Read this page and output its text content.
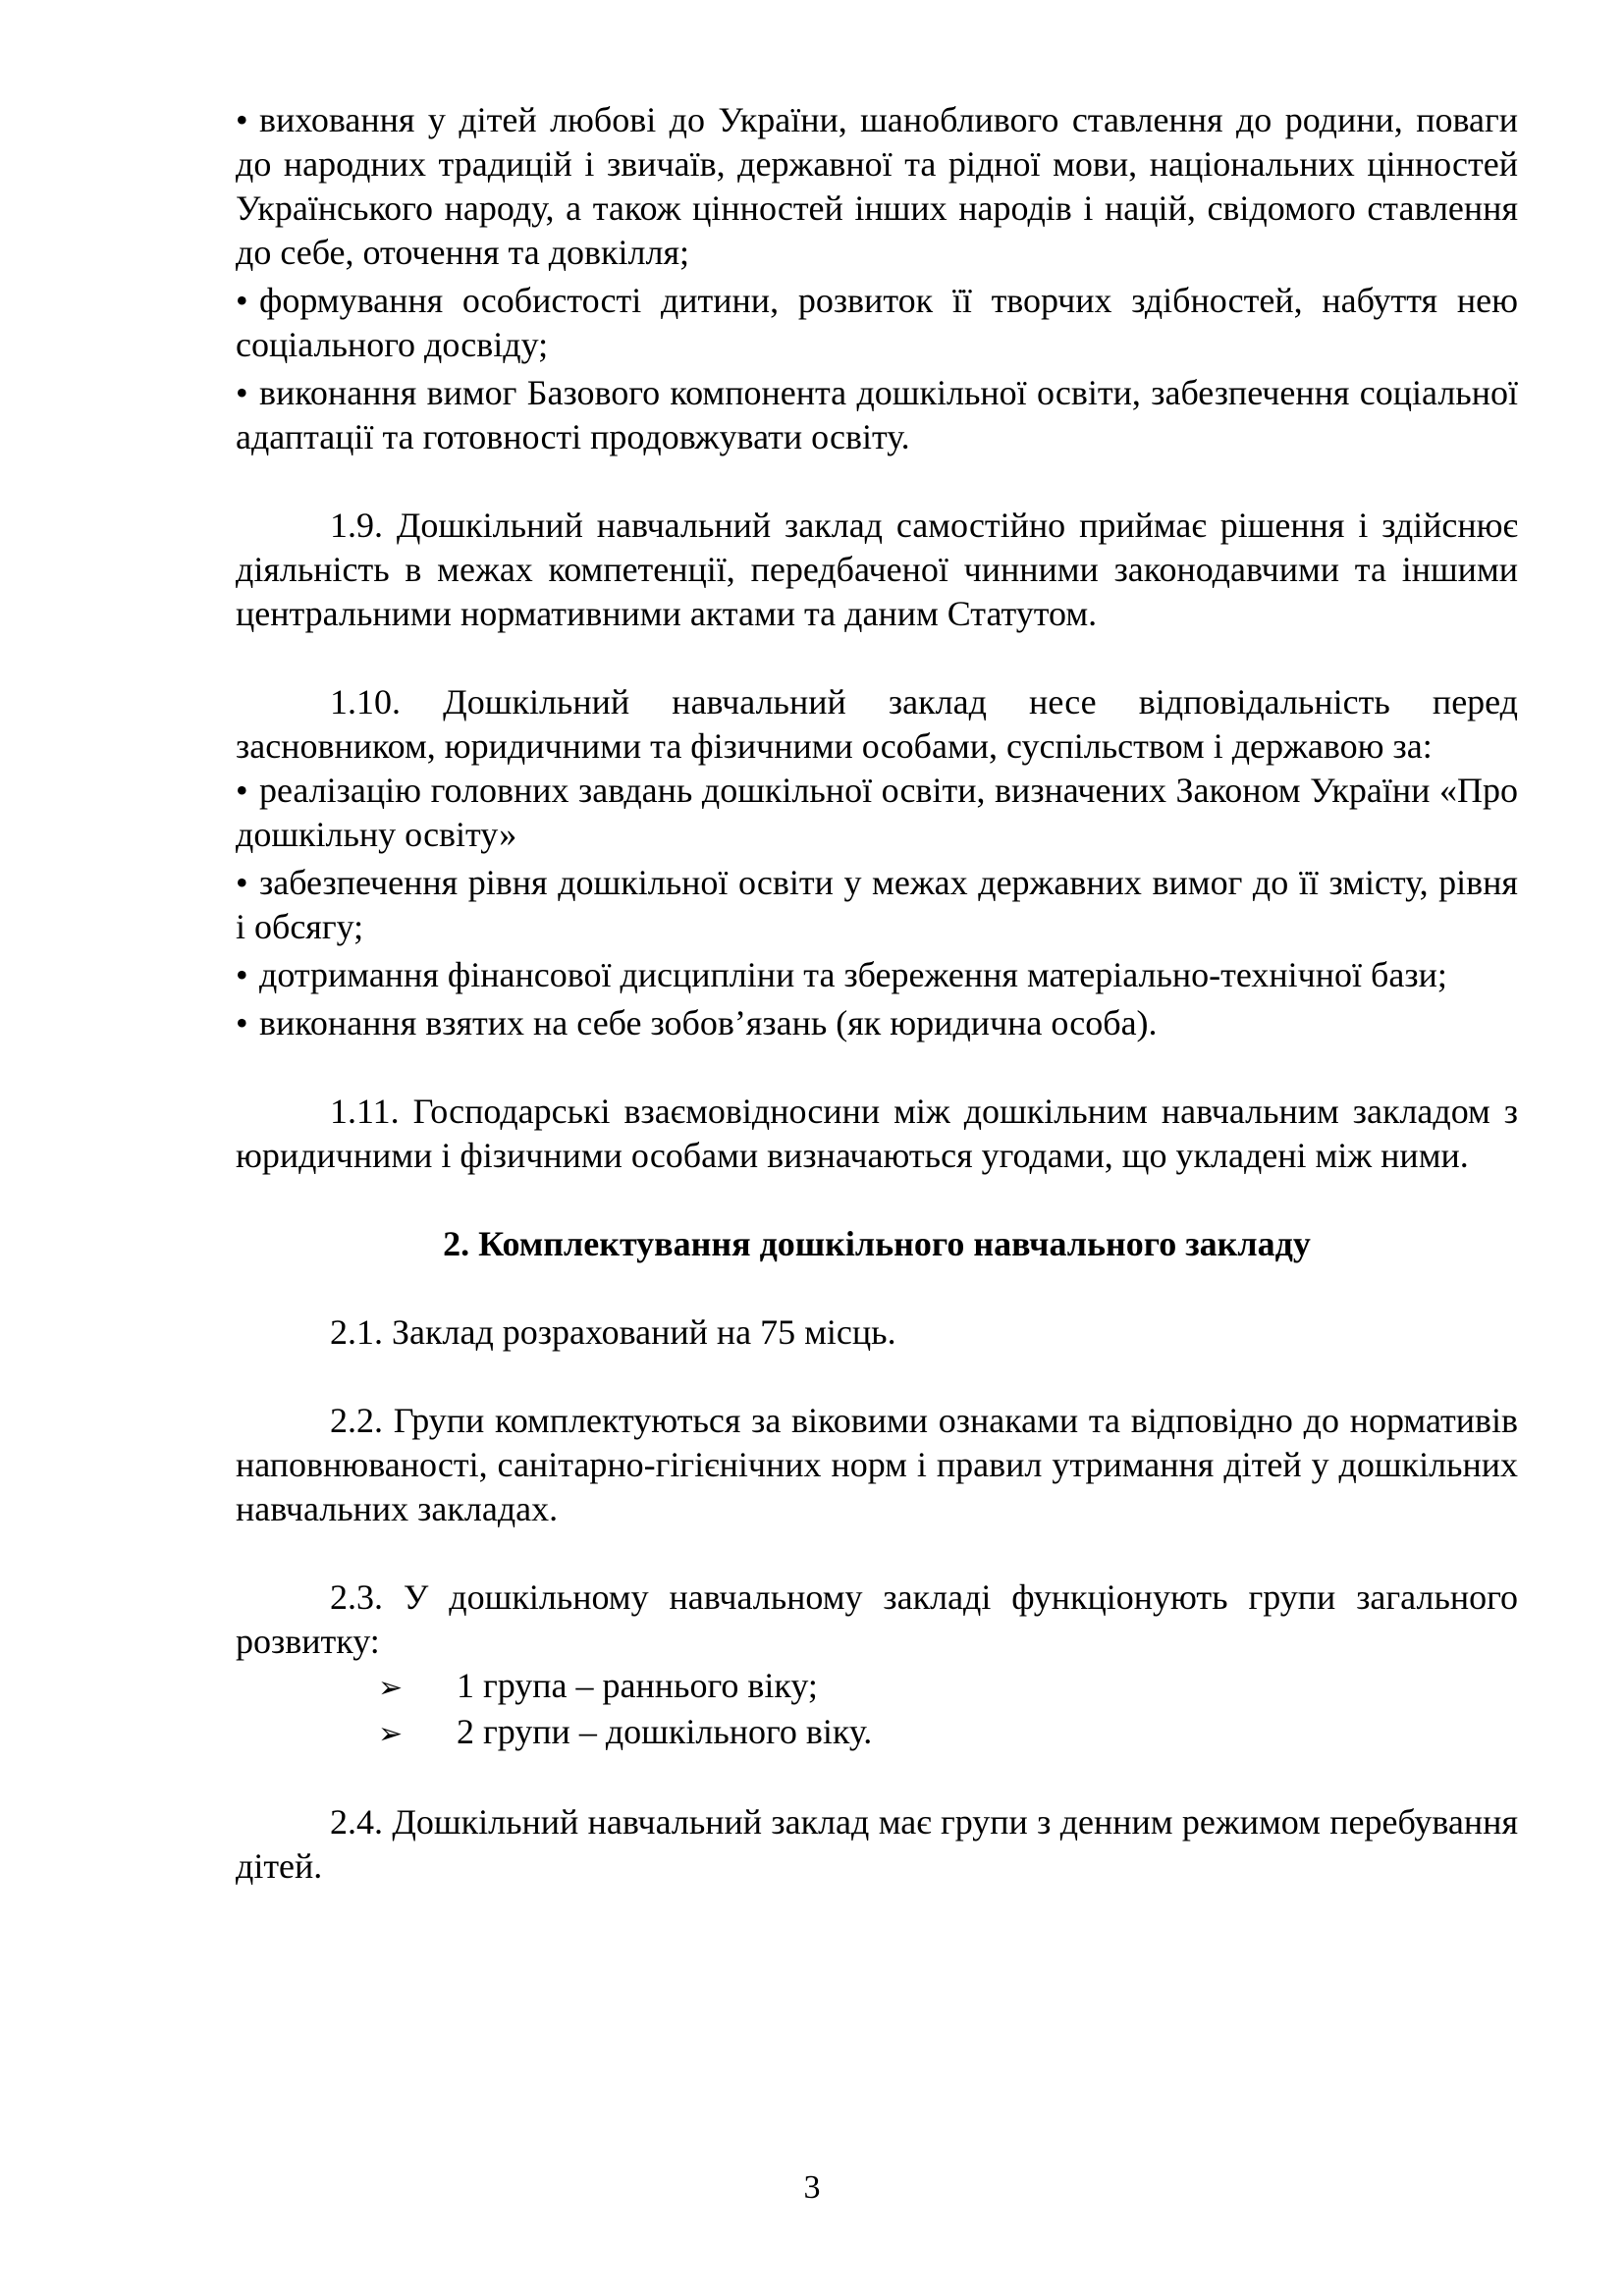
• виховання у дітей любові до України, шанобливого ставлення до родини, поваги до народних традицій і звичаїв, державної та рідної мови, національних цінностей Українського народу, а також цінностей інших народів і націй, свідомого ставлення до себе, оточення та довкілля;

• формування особистості дитини, розвиток її творчих здібностей, набуття нею соціального досвіду;

• виконання вимог Базового компонента дошкільної освіти, забезпечення соціальної адаптації та готовності продовжувати освіту.

1.9. Дошкільний навчальний заклад самостійно приймає рішення і здійснює діяльність в межах компетенції, передбаченої чинними законодавчими та іншими центральними нормативними актами та даним Статутом.

1.10. Дошкільний навчальний заклад несе відповідальність перед засновником, юридичними та фізичними особами, суспільством і державою за:

• реалізацію головних завдань дошкільної освіти, визначених Законом України «Про дошкільну освіту»

• забезпечення рівня дошкільної освіти у межах державних вимог до її змісту, рівня і обсягу;

• дотримання фінансової дисципліни та збереження матеріально-технічної бази;

• виконання взятих на себе зобов’язань (як юридична особа).

1.11. Господарські взаємовідносини між дошкільним навчальним закладом з юридичними і фізичними особами визначаються угодами, що укладені між ними.

2. Комплектування дошкільного навчального закладу

2.1. Заклад розрахований на 75 місць.

2.2. Групи комплектуються за віковими ознаками та відповідно до нормативів наповнюваності, санітарно-гігієнічних норм і правил утримання дітей у дошкільних навчальних закладах.

2.3. У дошкільному навчальному закладі функціонують групи загального розвитку:

➢ 1 група – раннього віку;

➢ 2 групи – дошкільного віку.

2.4. Дошкільний навчальний заклад має групи з денним режимом перебування дітей.

3
